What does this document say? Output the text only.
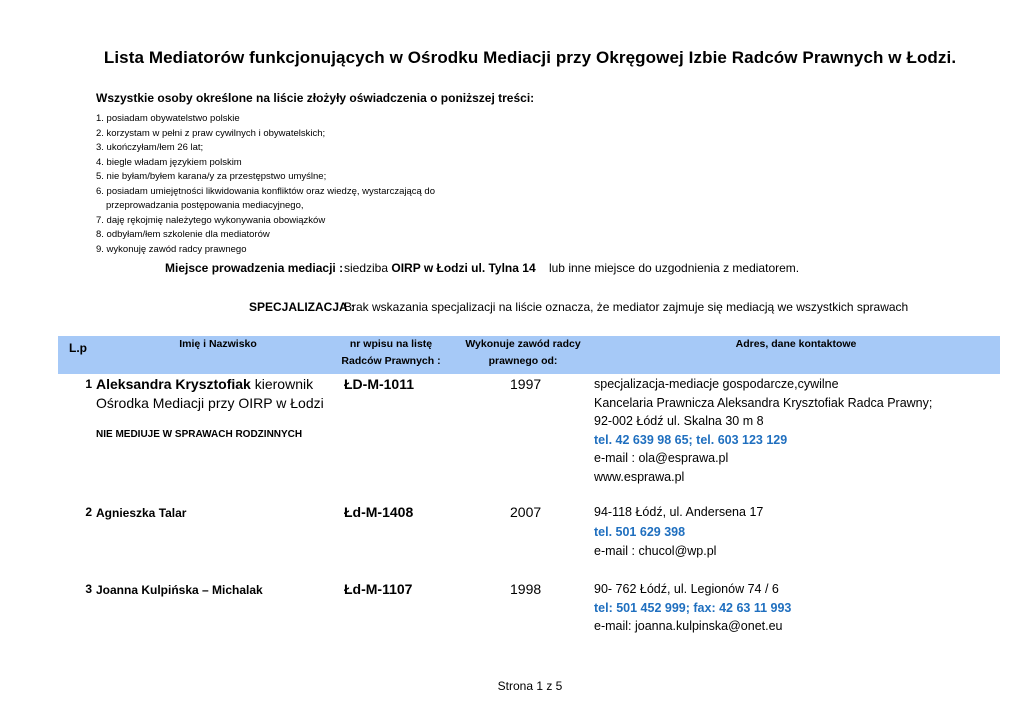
Lista Mediatorów funkcjonujących w Ośrodku Mediacji przy Okręgowej Izbie Radców Prawnych w Łodzi.
Wszystkie osoby określone na liście złożyły oświadczenia o poniższej treści:
1. posiadam obywatelstwo polskie
2. korzystam w pełni z praw cywilnych i obywatelskich;
3. ukończyłam/łem 26 lat;
4. biegle władam językiem polskim
5. nie byłam/byłem karana/y za przestępstwo umyślne;
6. posiadam umiejętności likwidowania konfliktów oraz wiedzę, wystarczającą do
przeprowadzania postępowania mediacyjnego,
7. daję rękojmię należytego wykonywania obowiązków
8. odbyłam/łem szkolenie dla mediatorów
9. wykonuję zawód radcy prawnego
Miejsce prowadzenia mediacji : siedziba OIRP w Łodzi ul. Tylna 14 lub inne miejsce do uzgodnienia z mediatorem.
SPECJALIZACJA :
Brak wskazania specjalizacji na liście oznacza, że mediator zajmuje się mediacją we wszystkich sprawach
L.p	Imię i Nazwisko	nr wpisu na listę
Radców Prawnych :
Wykonuje zawód radcy
prawnego od:
Adres, dane kontaktowe
1 Aleksandra Krysztofiak kierownik
Ośrodka Mediacji przy OIRP w Łodzi
NIE MEDIUJE W SPRAWACH RODZINNYCH
ŁD-M-1011	1997	specjalizacja-mediacje gospodarcze,cywilne
Kancelaria Prawnicza Aleksandra Krysztofiak Radca Prawny;
92-002 Łódź ul. Skalna 30 m 8
tel. 42 639 98 65; tel. 603 123 129
e-mail : ola@esprawa.pl
www.esprawa.pl
2 Agnieszka Talar	Łd-M-1408	2007	94-118 Łódź, ul. Andersena 17
tel. 501 629 398
e-mail : chucol@wp.pl
3 Joanna Kulpińska – Michalak	Łd-M-1107	1998	90- 762 Łódź, ul. Legionów 74 / 6
tel: 501 452 999; fax: 42 63 11 993
e-mail: joanna.kulpinska@onet.eu
Strona 1 z 5
